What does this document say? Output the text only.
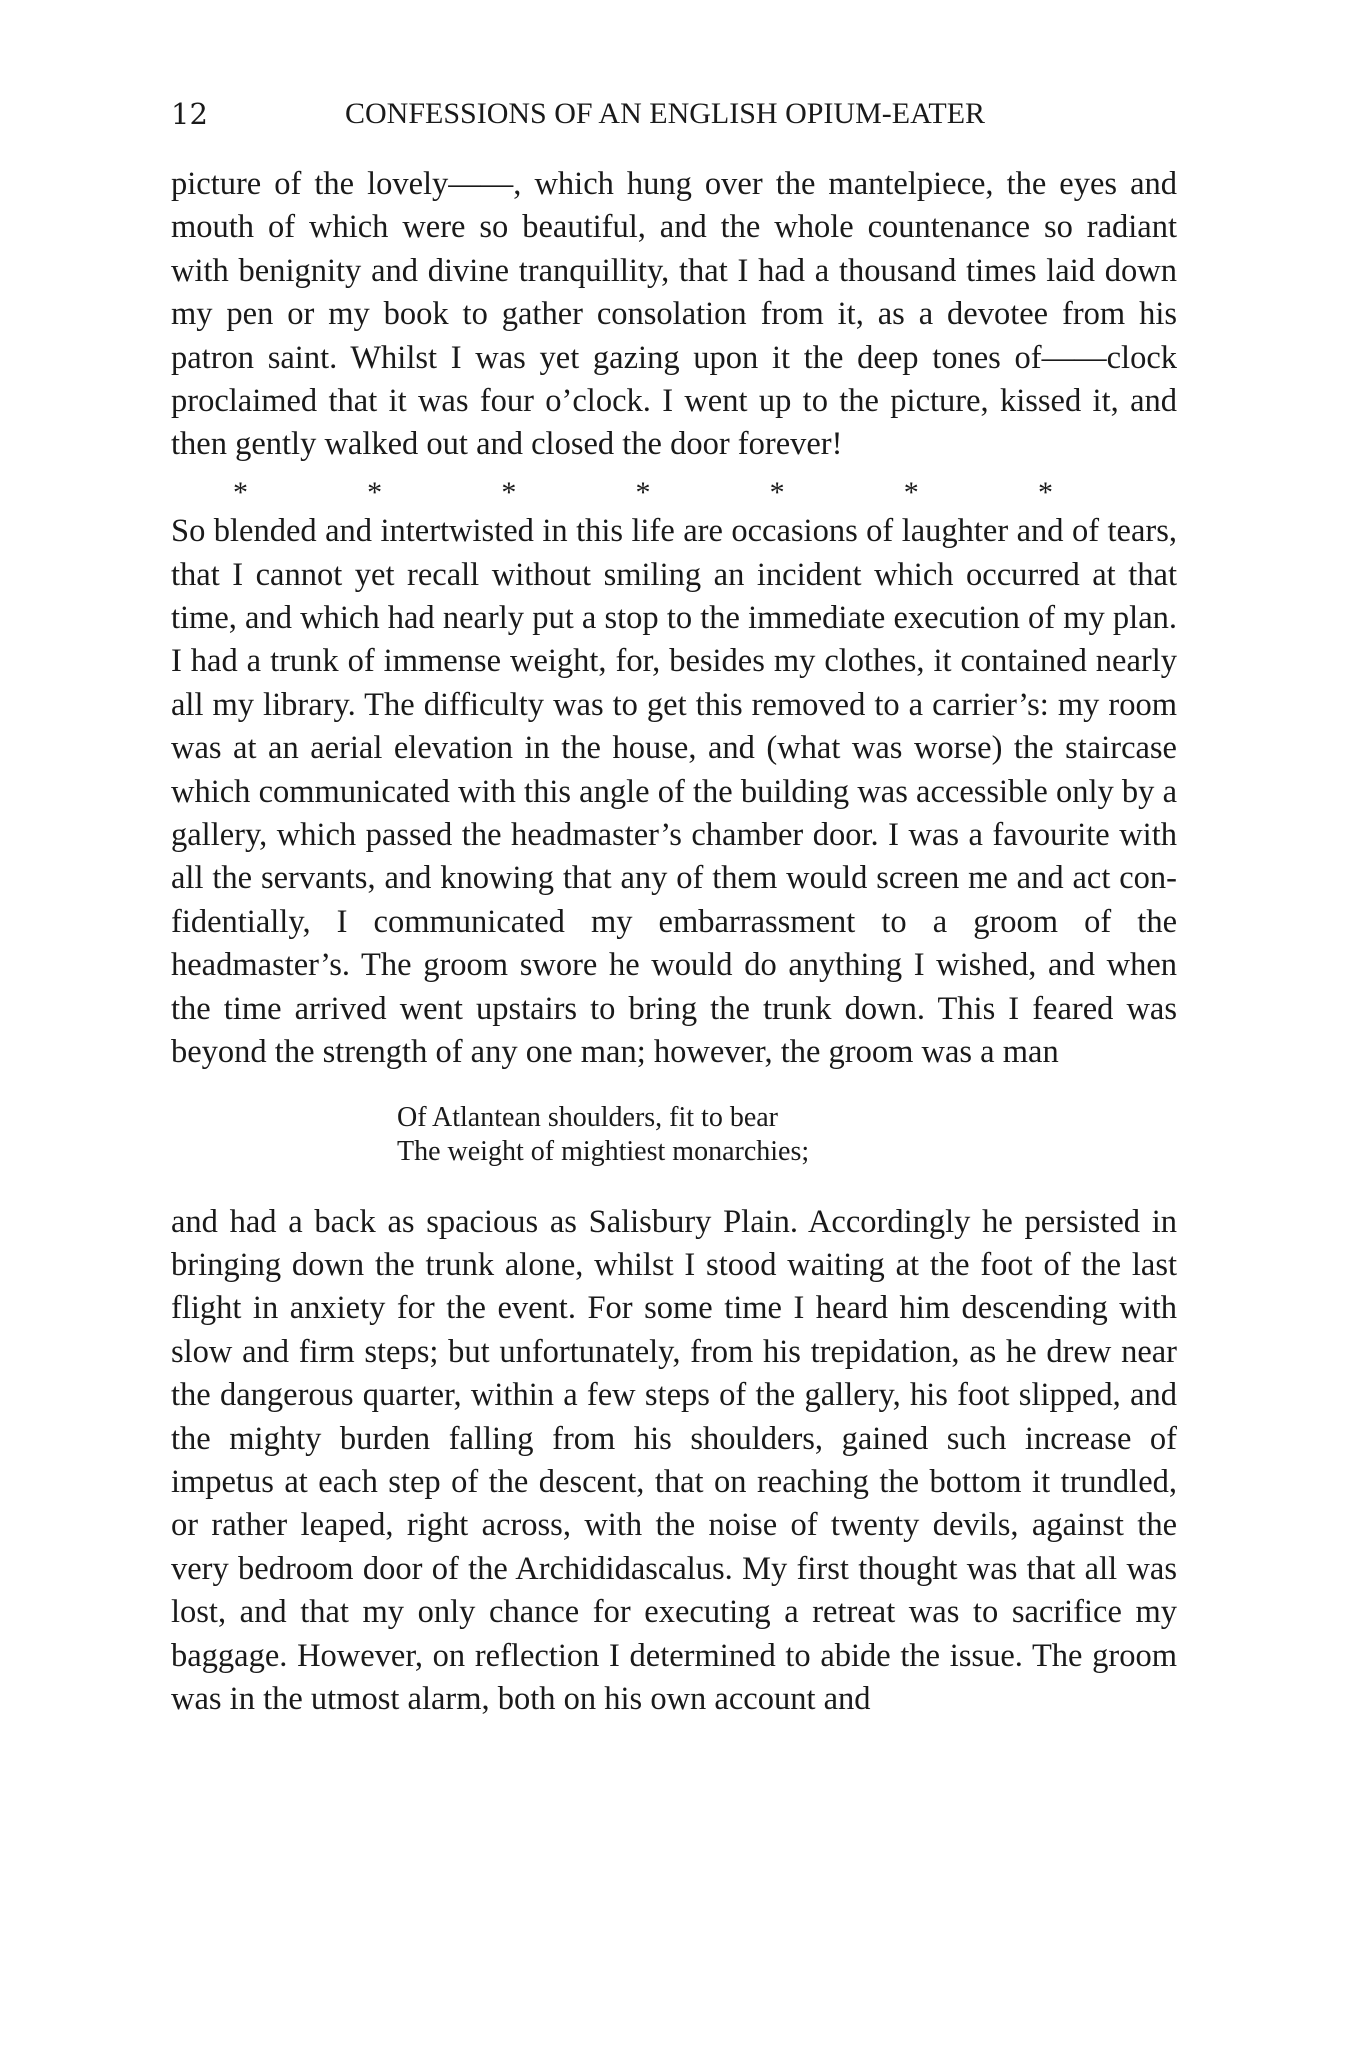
12	CONFESSIONS OF AN ENGLISH OPIUM-EATER

picture of the lovely——, which hung over the mantelpiece, the eyes and mouth of which were so beautiful, and the whole countenance so radiant with benignity and divine tranquillity, that I had a thousand times laid down my pen or my book to gather consolation from it, as a devotee from his patron saint. Whilst I was yet gazing upon it the deep tones of——clock proclaimed that it was four o’clock. I went up to the picture, kissed it, and then gently walked out and closed the door forever!

*	*	*	*	*	*	*

So blended and intertwisted in this life are occasions of laughter and of tears, that I cannot yet recall without smiling an incident which occurred at that time, and which had nearly put a stop to the immediate execution of my plan. I had a trunk of immense weight, for, besides my clothes, it contained nearly all my library. The difficulty was to get this removed to a carrier’s: my room was at an aerial elevation in the house, and (what was worse) the staircase which communicated with this angle of the building was accessible only by a gallery, which passed the headmaster’s chamber door. I was a favourite with all the servants, and knowing that any of them would screen me and act confidentially, I communicated my embarrassment to a groom of the headmaster’s. The groom swore he would do anything I wished, and when the time arrived went upstairs to bring the trunk down. This I feared was beyond the strength of any one man; however, the groom was a man

Of Atlantean shoulders, fit to bear
The weight of mightiest monarchies;

and had a back as spacious as Salisbury Plain. Accordingly he persisted in bringing down the trunk alone, whilst I stood waiting at the foot of the last flight in anxiety for the event. For some time I heard him descending with slow and firm steps; but unfortunately, from his trepidation, as he drew near the dangerous quarter, within a few steps of the gallery, his foot slipped, and the mighty burden falling from his shoulders, gained such increase of impetus at each step of the descent, that on reaching the bottom it trundled, or rather leaped, right across, with the noise of twenty devils, against the very bedroom door of the Archididascalus. My first thought was that all was lost, and that my only chance for executing a retreat was to sacrifice my baggage. However, on reflection I determined to abide the issue. The groom was in the utmost alarm, both on his own account and
